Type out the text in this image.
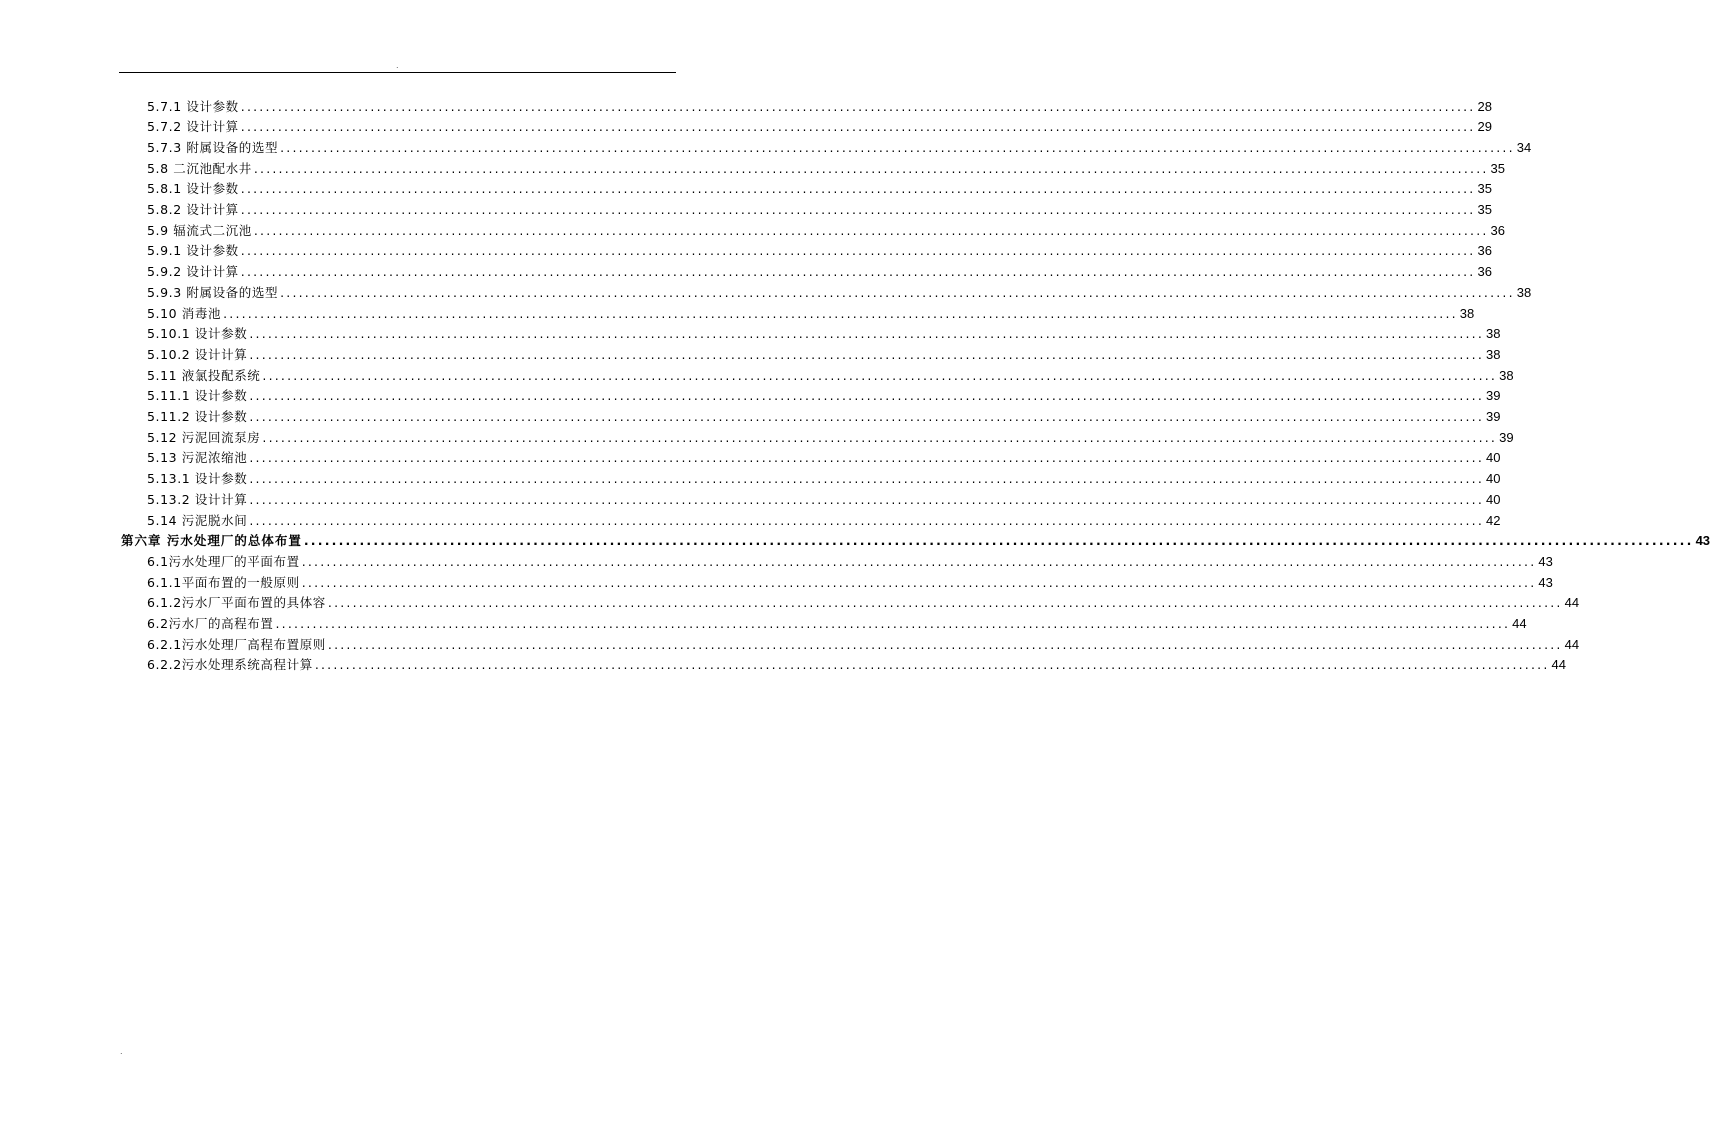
.
5.7.1 设计参数 ........................................................................................................................................................................................................ 28
5.7.2 设计计算 ........................................................................................................................................................................................................ 29
5.7.3 附属设备的选型 ........................................................................................................................................................................................................ 34
5.8 二沉池配水井 ........................................................................................................................................................................................................ 35
5.8.1 设计参数 ........................................................................................................................................................................................................ 35
5.8.2 设计计算 ........................................................................................................................................................................................................ 35
5.9 辐流式二沉池 ........................................................................................................................................................................................................ 36
5.9.1 设计参数 ........................................................................................................................................................................................................ 36
5.9.2 设计计算 ........................................................................................................................................................................................................ 36
5.9.3 附属设备的选型 ........................................................................................................................................................................................................ 38
5.10 消毒池 ........................................................................................................................................................................................................ 38
5.10.1 设计参数 ........................................................................................................................................................................................................ 38
5.10.2 设计计算 ........................................................................................................................................................................................................ 38
5.11 液氯投配系统 ........................................................................................................................................................................................................ 38
5.11.1 设计参数 ........................................................................................................................................................................................................ 39
5.11.2 设计参数 ........................................................................................................................................................................................................ 39
5.12 污泥回流泵房 ........................................................................................................................................................................................................ 39
5.13 污泥浓缩池 ........................................................................................................................................................................................................ 40
5.13.1 设计参数 ........................................................................................................................................................................................................ 40
5.13.2 设计计算 ........................................................................................................................................................................................................ 40
5.14 污泥脱水间 ........................................................................................................................................................................................................ 42
第六章 污水处理厂的总体布置 ........................................................................................................................................................................................................ 43
6.1污水处理厂的平面布置 ........................................................................................................................................................................................................ 43
6.1.1平面布置的一般原则 ........................................................................................................................................................................................................ 43
6.1.2污水厂平面布置的具体容 ........................................................................................................................................................................................................ 44
6.2污水厂的高程布置 ........................................................................................................................................................................................................ 44
6.2.1污水处理厂高程布置原则 ........................................................................................................................................................................................................ 44
6.2.2污水处理系统高程计算 ........................................................................................................................................................................................................ 44
.
